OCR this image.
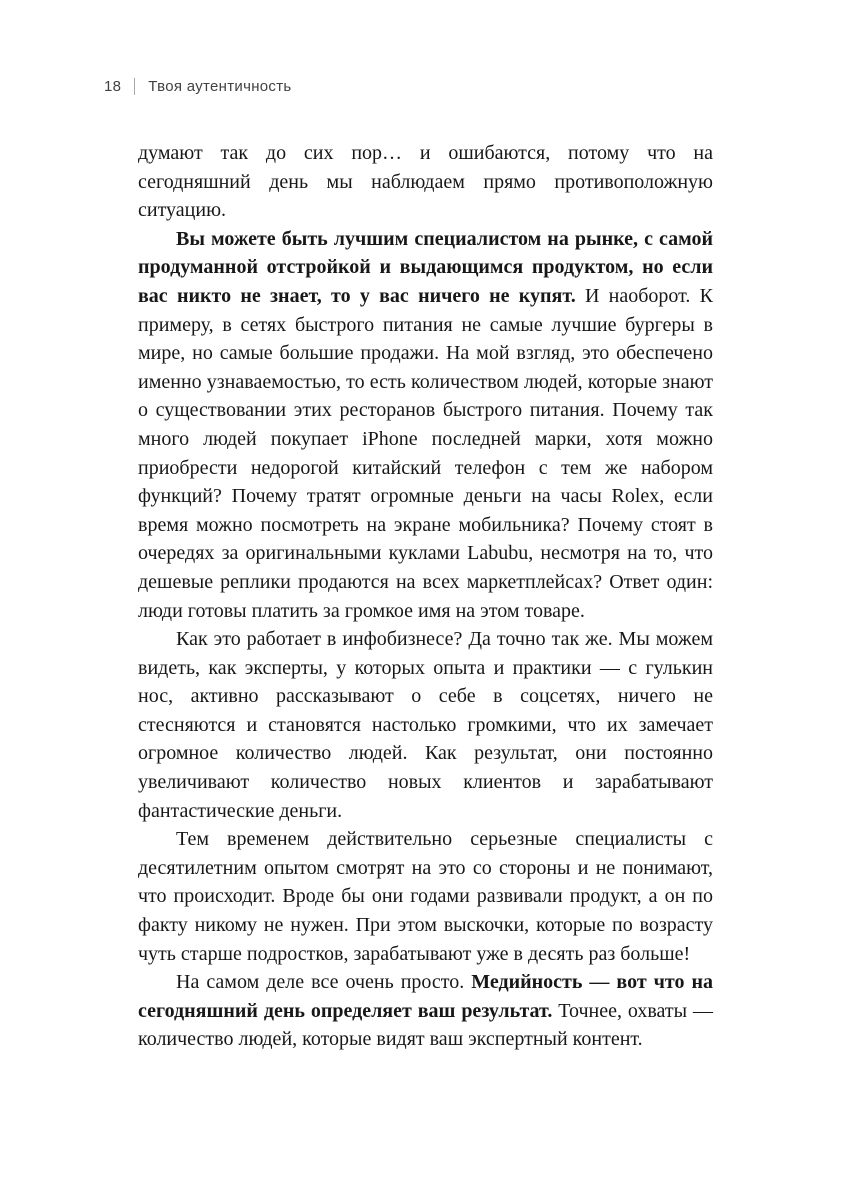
18 Твоя аутентичность

думают так до сих пор… и ошибаются, потому что на сегодняшний день мы наблюдаем прямо противоположную ситуацию.

Вы можете быть лучшим специалистом на рынке, с самой продуманной отстройкой и выдающимся продуктом, но если вас никто не знает, то у вас ничего не купят. И наоборот. К примеру, в сетях быстрого питания не самые лучшие бургеры в мире, но самые большие продажи. На мой взгляд, это обеспечено именно узнаваемостью, то есть количеством людей, которые знают о существовании этих ресторанов быстрого питания. Почему так много людей покупает iPhone последней марки, хотя можно приобрести недорогой китайский телефон с тем же набором функций? Почему тратят огромные деньги на часы Rolex, если время можно посмотреть на экране мобильника? Почему стоят в очередях за оригинальными куклами Labubu, несмотря на то, что дешевые реплики продаются на всех маркетплейсах? Ответ один: люди готовы платить за громкое имя на этом товаре.

Как это работает в инфобизнесе? Да точно так же. Мы можем видеть, как эксперты, у которых опыта и практики — с гулькин нос, активно рассказывают о себе в соцсетях, ничего не стесняются и становятся настолько громкими, что их замечает огромное количество людей. Как результат, они постоянно увеличивают количество новых клиентов и зарабатывают фантастические деньги.

Тем временем действительно серьезные специалисты с десятилетним опытом смотрят на это со стороны и не понимают, что происходит. Вроде бы они годами развивали продукт, а он по факту никому не нужен. При этом выскочки, которые по возрасту чуть старше подростков, зарабатывают уже в десять раз больше!

На самом деле все очень просто. Медийность — вот что на сегодняшний день определяет ваш результат. Точнее, охваты — количество людей, которые видят ваш экспертный контент.
